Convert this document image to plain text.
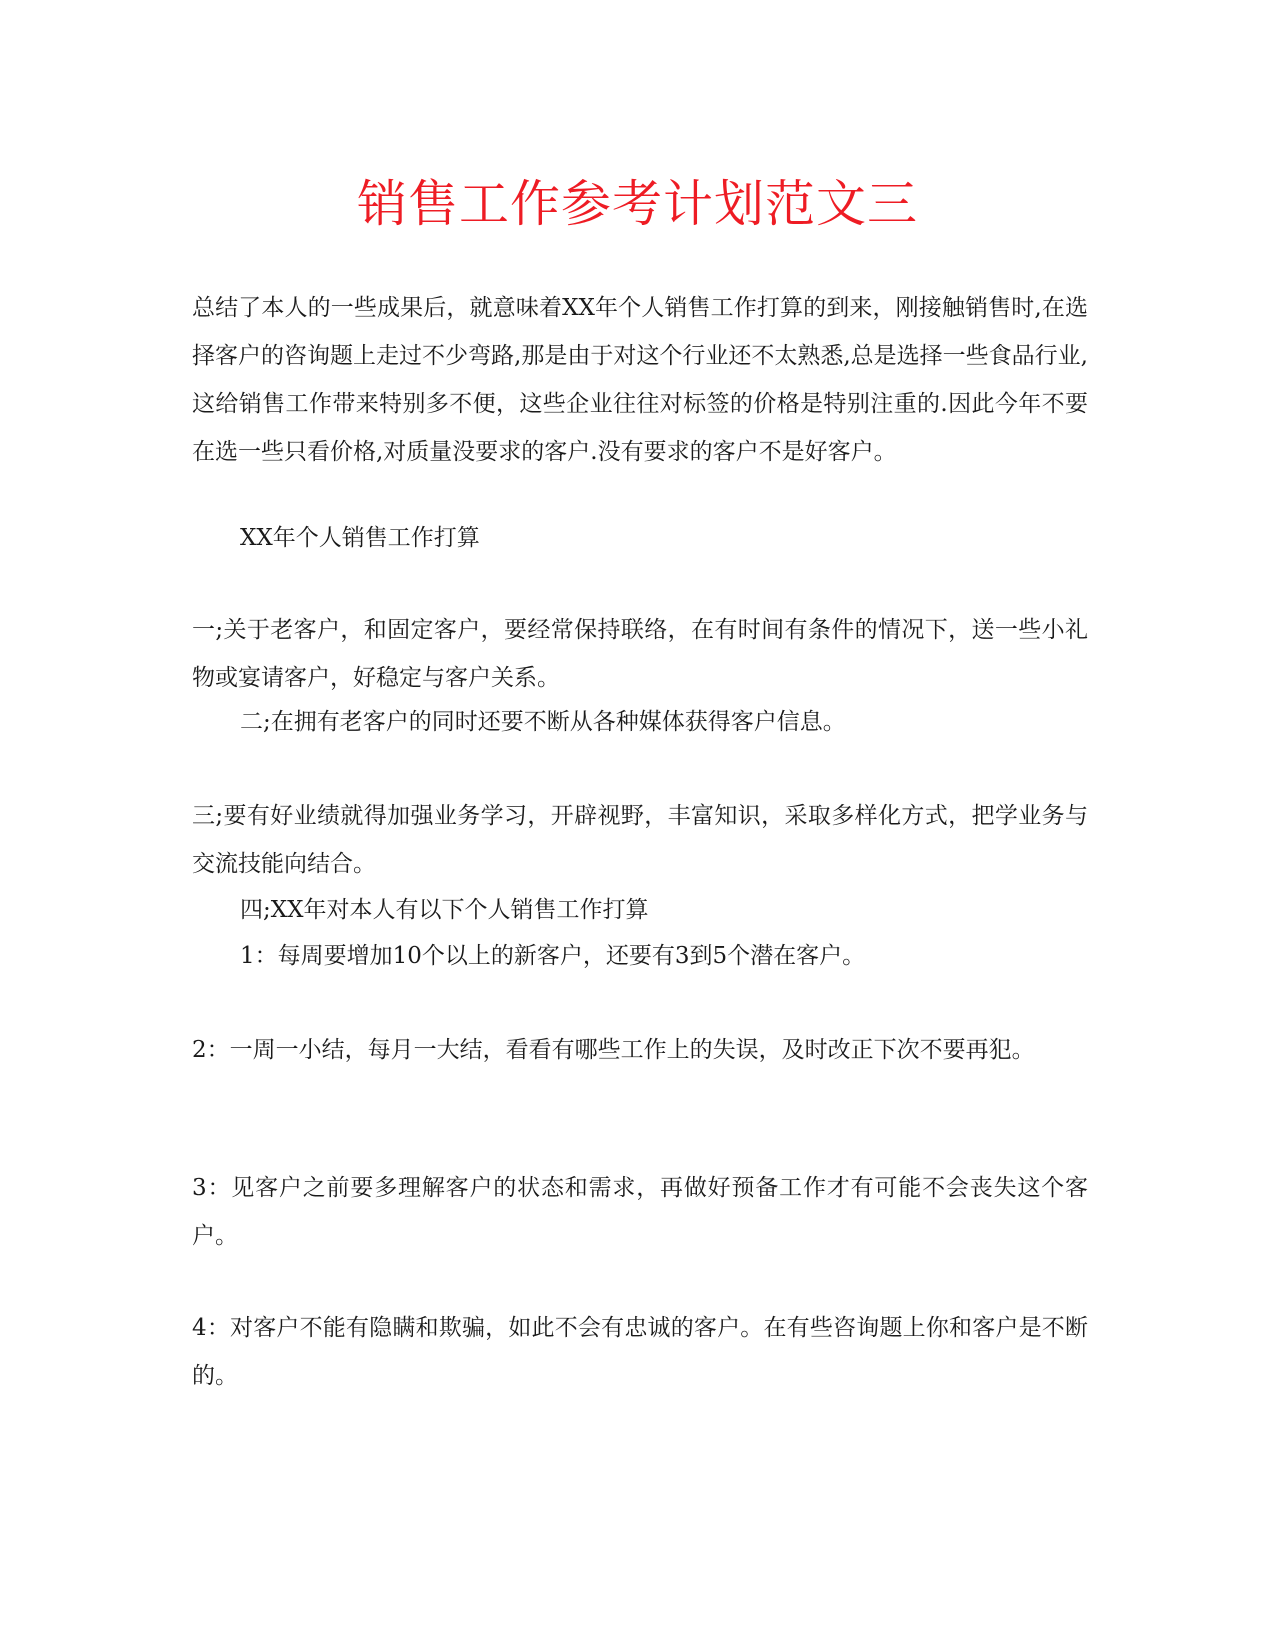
销售工作参考计划范文三

总结了本人的一些成果后，就意味着XX年个人销售工作打算的到来，刚接触销售时,在选择客户的咨询题上走过不少弯路,那是由于对这个行业还不太熟悉,总是选择一些食品行业,这给销售工作带来特别多不便，这些企业往往对标签的价格是特别注重的.因此今年不要在选一些只看价格,对质量没要求的客户.没有要求的客户不是好客户。

XX年个人销售工作打算

一;关于老客户，和固定客户，要经常保持联络，在有时间有条件的情况下，送一些小礼物或宴请客户，好稳定与客户关系。

二;在拥有老客户的同时还要不断从各种媒体获得客户信息。

三;要有好业绩就得加强业务学习，开辟视野，丰富知识，采取多样化方式，把学业务与交流技能向结合。

四;XX年对本人有以下个人销售工作打算

1：每周要增加10个以上的新客户，还要有3到5个潜在客户。

2：一周一小结，每月一大结，看看有哪些工作上的失误，及时改正下次不要再犯。

3：见客户之前要多理解客户的状态和需求，再做好预备工作才有可能不会丧失这个客户。

4：对客户不能有隐瞒和欺骗，如此不会有忠诚的客户。在有些咨询题上你和客户是不断的。
